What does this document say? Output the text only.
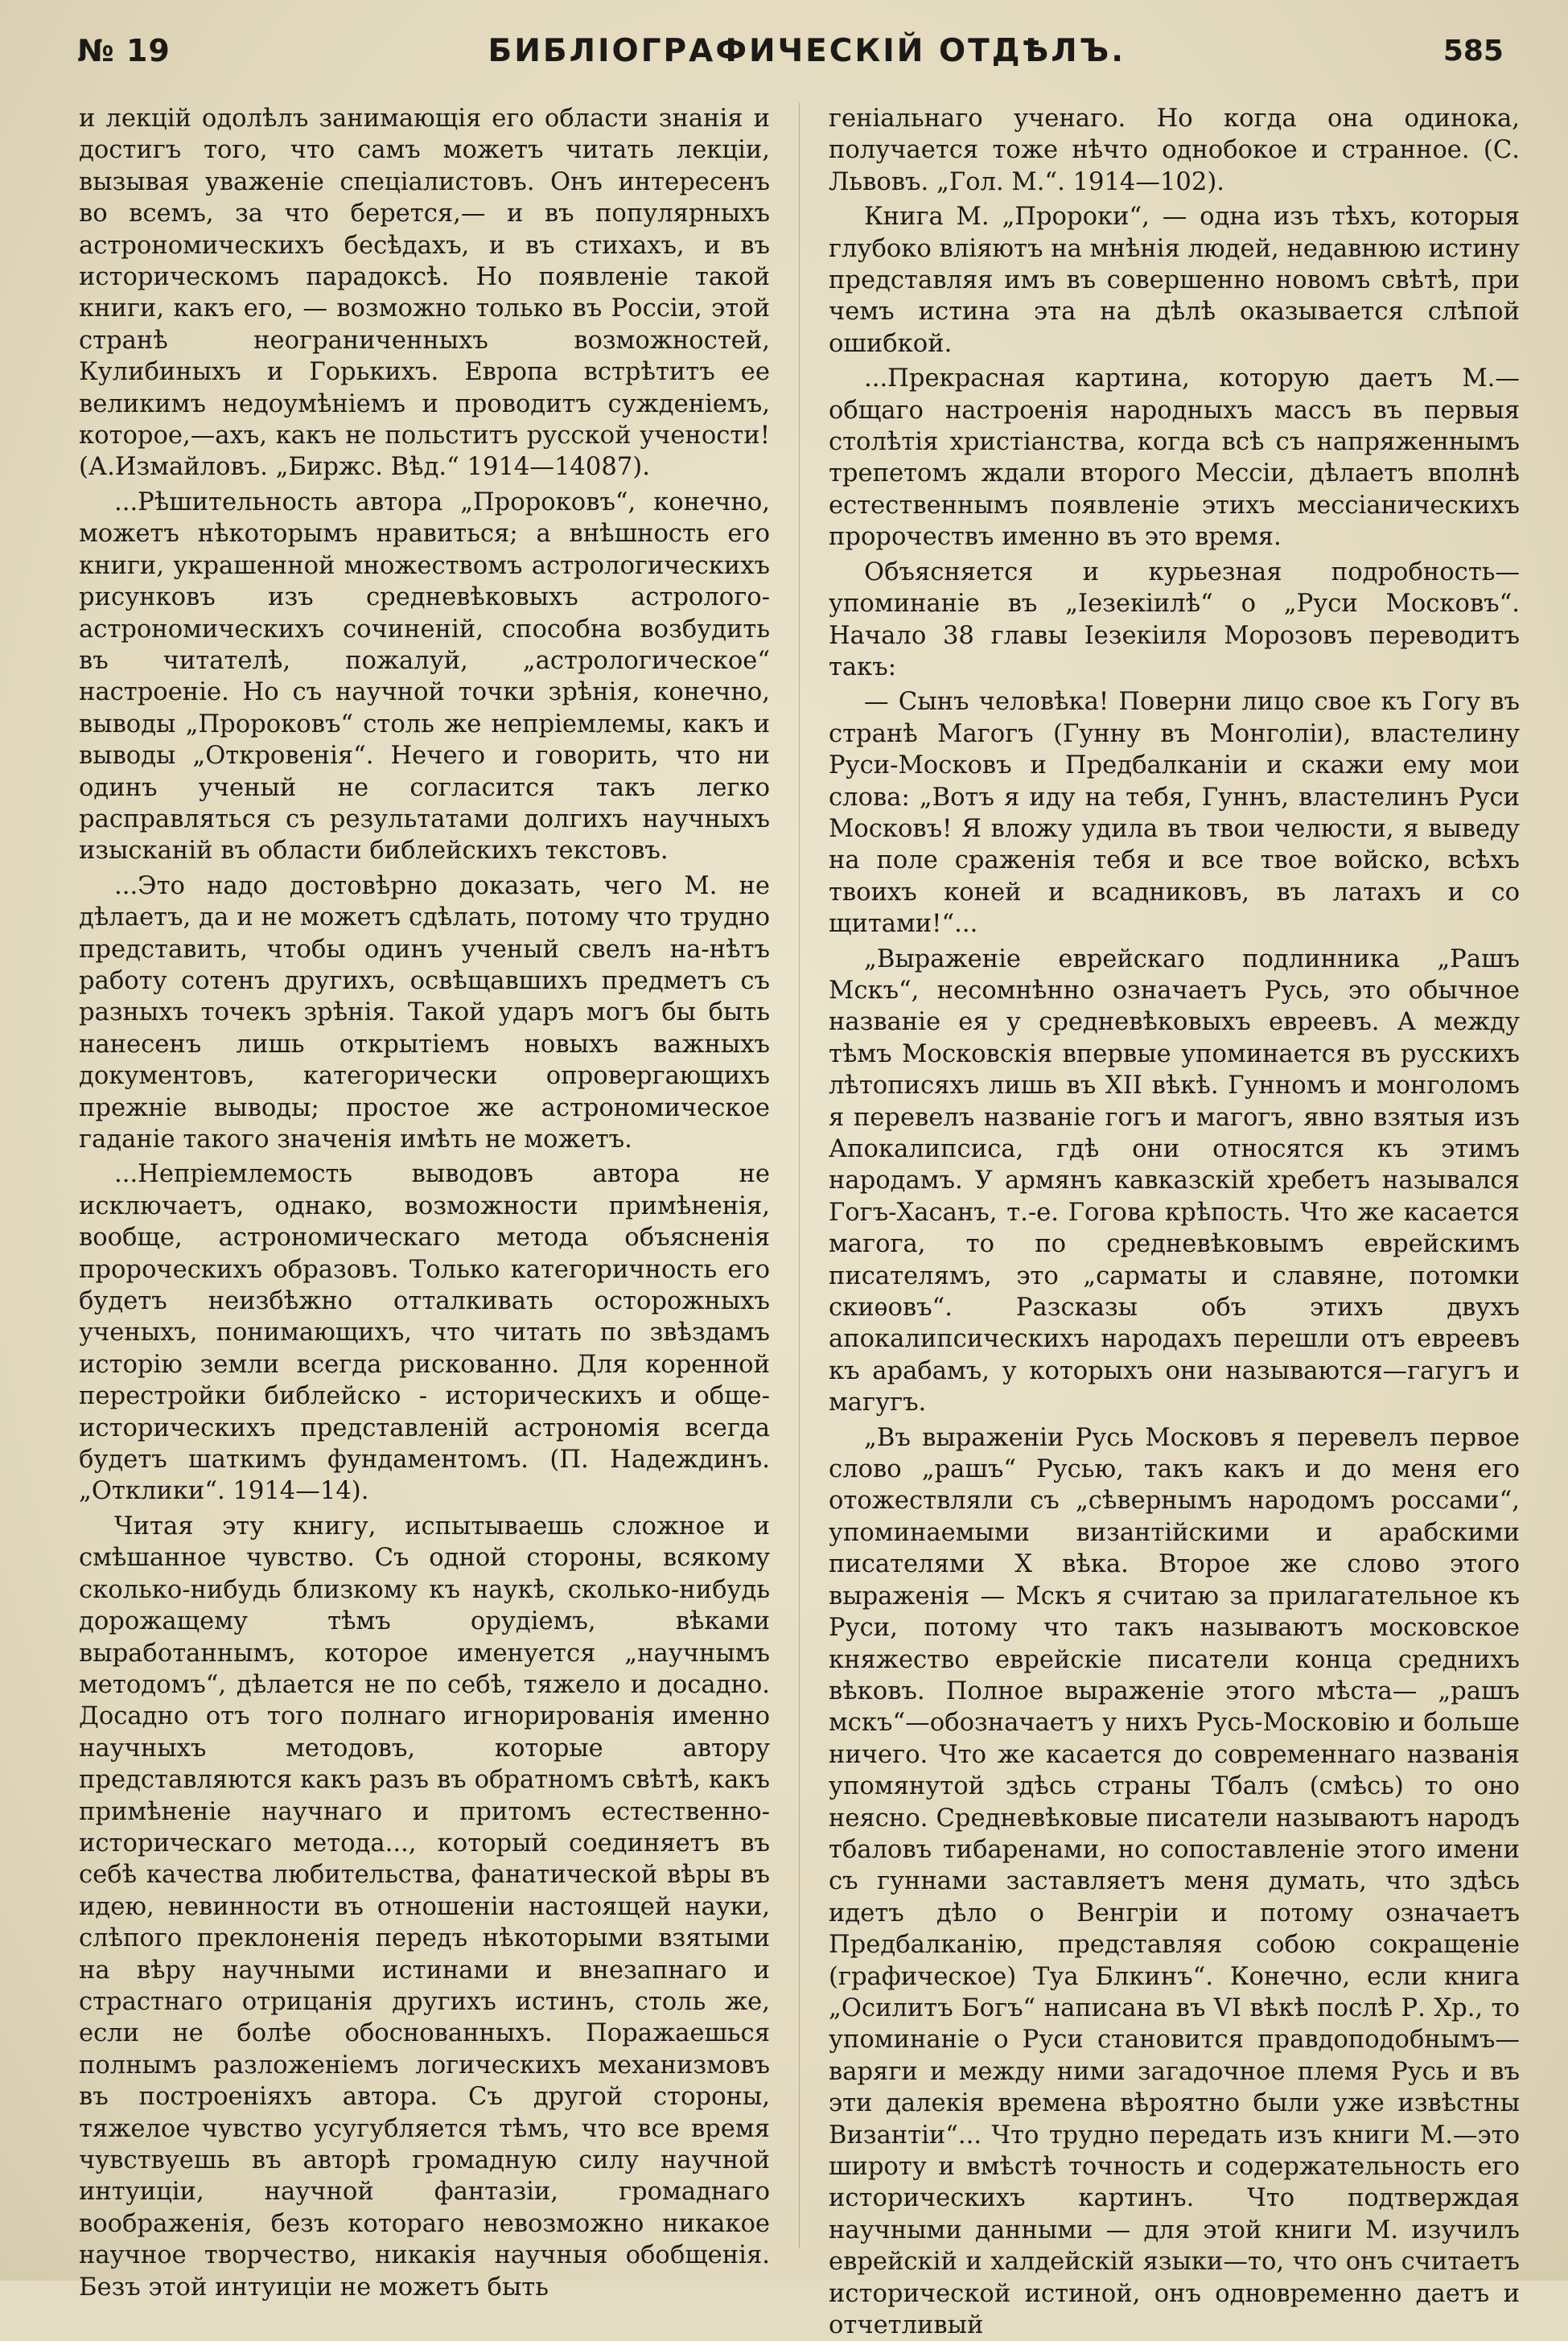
№ 19	БИБЛІОГРАФИЧЕСКІЙ ОТДѢЛЪ.	585

и лекцій одолѣлъ занимающія его области знанія и достигъ того, что самъ можетъ читать лекціи, вызывая уваженіе спеціалистовъ. Онъ интересенъ во всемъ, за что берется,— и въ популярныхъ астрономическихъ бесѣдахъ, и въ стихахъ, и въ историческомъ парадоксѣ. Но появленіе такой книги, какъ его, — возможно только въ Россіи, этой странѣ неограниченныхъ возможностей, Кулибиныхъ и Горькихъ. Европа встрѣтитъ ее великимъ недоумѣніемъ и проводитъ сужденіемъ, которое,—ахъ, какъ не польститъ русской учености! (А.Измайловъ. „Биржс. Вѣд.“ 1914—14087).

...Рѣшительность автора „Пророковъ“, конечно, можетъ нѣкоторымъ нравиться; а внѣшность его книги, украшенной множествомъ астрологическихъ рисунковъ изъ средневѣковыхъ астролого-астрономическихъ сочиненій, способна возбудить въ читателѣ, пожалуй, „астрологическое“ настроеніе. Но съ научной точки зрѣнія, конечно, выводы „Пророковъ“ столь же непріемлемы, какъ и выводы „Откровенія“. Нечего и говорить, что ни одинъ ученый не согласится такъ легко расправляться съ результатами долгихъ научныхъ изысканій въ области библейскихъ текстовъ.

...Это надо достовѣрно доказать, чего М. не дѣлаетъ, да и не можетъ сдѣлать, потому что трудно представить, чтобы одинъ ученый свелъ на-нѣтъ работу сотенъ другихъ, освѣщавшихъ предметъ съ разныхъ точекъ зрѣнія. Такой ударъ могъ бы быть нанесенъ лишь открытіемъ новыхъ важныхъ документовъ, категорически опровергающихъ прежніе выводы; простое же астрономическое гаданіе такого значенія имѣть не можетъ.

...Непріемлемость выводовъ автора не исключаетъ, однако, возможности примѣненія, вообще, астрономическаго метода объясненія пророческихъ образовъ. Только категоричность его будетъ неизбѣжно отталкивать осторожныхъ ученыхъ, понимающихъ, что читать по звѣздамъ исторію земли всегда рискованно. Для коренной перестройки библейско - историческихъ и обще-историческихъ представленій астрономія всегда будетъ шаткимъ фундаментомъ. (П. Надеждинъ. „Отклики“. 1914—14).

Читая эту книгу, испытываешь сложное и смѣшанное чувство. Съ одной стороны, всякому сколько-нибудь близкому къ наукѣ, сколько-нибудь дорожащему тѣмъ орудіемъ, вѣками выработаннымъ, которое именуется „научнымъ методомъ“, дѣлается не по себѣ, тяжело и досадно. Досадно отъ того полнаго игнорированія именно научныхъ методовъ, которые автору представляются какъ разъ въ обратномъ свѣтѣ, какъ примѣненіе научнаго и притомъ естественно-историческаго метода..., который соединяетъ въ себѣ качества любительства, фанатической вѣры въ идею, невинности въ отношеніи настоящей науки, слѣпого преклоненія передъ нѣкоторыми взятыми на вѣру научными истинами и внезапнаго и страстнаго отрицанія другихъ истинъ, столь же, если не болѣе обоснованныхъ. Поражаешься полнымъ разложеніемъ логическихъ механизмовъ въ построеніяхъ автора. Съ другой стороны, тяжелое чувство усугубляется тѣмъ, что все время чувствуешь въ авторѣ громадную силу научной интуиціи, научной фантазіи, громаднаго воображенія, безъ котораго невозможно никакое научное творчество, никакія научныя обобщенія. Безъ этой интуиціи не можетъ быть

геніальнаго ученаго. Но когда она одинока, получается тоже нѣчто однобокое и странное. (С. Львовъ. „Гол. М.“. 1914—102).

Книга М. „Пророки“, — одна изъ тѣхъ, которыя глубоко вліяютъ на мнѣнія людей, недавнюю истину представляя имъ въ совершенно новомъ свѣтѣ, при чемъ истина эта на дѣлѣ оказывается слѣпой ошибкой.

...Прекрасная картина, которую даетъ М.— общаго настроенія народныхъ массъ въ первыя столѣтія христіанства, когда всѣ съ напряженнымъ трепетомъ ждали второго Мессіи, дѣлаетъ вполнѣ естественнымъ появленіе этихъ мессіаническихъ пророчествъ именно въ это время.

Объясняется и курьезная подробность—упоминаніе въ „Іезекіилѣ“ о „Руси Московъ“. Начало 38 главы Іезекіиля Морозовъ переводитъ такъ:

— Сынъ человѣка! Поверни лицо свое къ Гогу въ странѣ Магогъ (Гунну въ Монголіи), властелину Руси-Московъ и Предбалканіи и скажи ему мои слова: „Вотъ я иду на тебя, Гуннъ, властелинъ Руси Московъ! Я вложу удила въ твои челюсти, я выведу на поле сраженія тебя и все твое войско, всѣхъ твоихъ коней и всадниковъ, въ латахъ и со щитами!“...

„Выраженіе еврейскаго подлинника „Рашъ Мскъ“, несомнѣнно означаетъ Русь, это обычное названіе ея у средневѣковыхъ евреевъ. А между тѣмъ Московскія впервые упоминается въ русскихъ лѣтописяхъ лишь въ XII вѣкѣ. Гунномъ и монголомъ я перевелъ названіе гогъ и магогъ, явно взятыя изъ Апокалипсиса, гдѣ они относятся къ этимъ народамъ. У армянъ кавказскій хребетъ назывался Гогъ-Хасанъ, т.-е. Гогова крѣпость. Что же касается магога, то по средневѣковымъ еврейскимъ писателямъ, это „сарматы и славяне, потомки скиѳовъ“. Разсказы объ этихъ двухъ апокалипсическихъ народахъ перешли отъ евреевъ къ арабамъ, у которыхъ они называются—гагугъ и магугъ.

„Въ выраженіи Русь Московъ я перевелъ первое слово „рашъ“ Русью, такъ какъ и до меня его отожествляли съ „сѣвернымъ народомъ россами“, упоминаемыми византійскими и арабскими писателями X вѣка. Второе же слово этого выраженія — Мскъ я считаю за прилагательное къ Руси, потому что такъ называютъ московское княжество еврейскіе писатели конца среднихъ вѣковъ. Полное выраженіе этого мѣста— „рашъ мскъ“—обозначаетъ у нихъ Русь-Московію и больше ничего. Что же касается до современнаго названія упомянутой здѣсь страны Тбалъ (смѣсь) то оно неясно. Средневѣковые писатели называютъ народъ тбаловъ тибаренами, но сопоставленіе этого имени съ гуннами заставляетъ меня думать, что здѣсь идетъ дѣло о Венгріи и потому означаетъ Предбалканію, представляя собою сокращеніе (графическое) Туа Блкинъ“. Конечно, если книга „Осилитъ Богъ“ написана въ VI вѣкѣ послѣ Р. Хр., то упоминаніе о Руси становится правдоподобнымъ—варяги и между ними загадочное племя Русь и въ эти далекія времена вѣроятно были уже извѣстны Византіи“... Что трудно передать изъ книги М.—это широту и вмѣстѣ точность и содержательность его историческихъ картинъ. Что подтверждая научными данными — для этой книги М. изучилъ еврейскій и халдейскій языки—то, что онъ считаетъ исторической истиной, онъ одновременно даетъ и отчетливый
